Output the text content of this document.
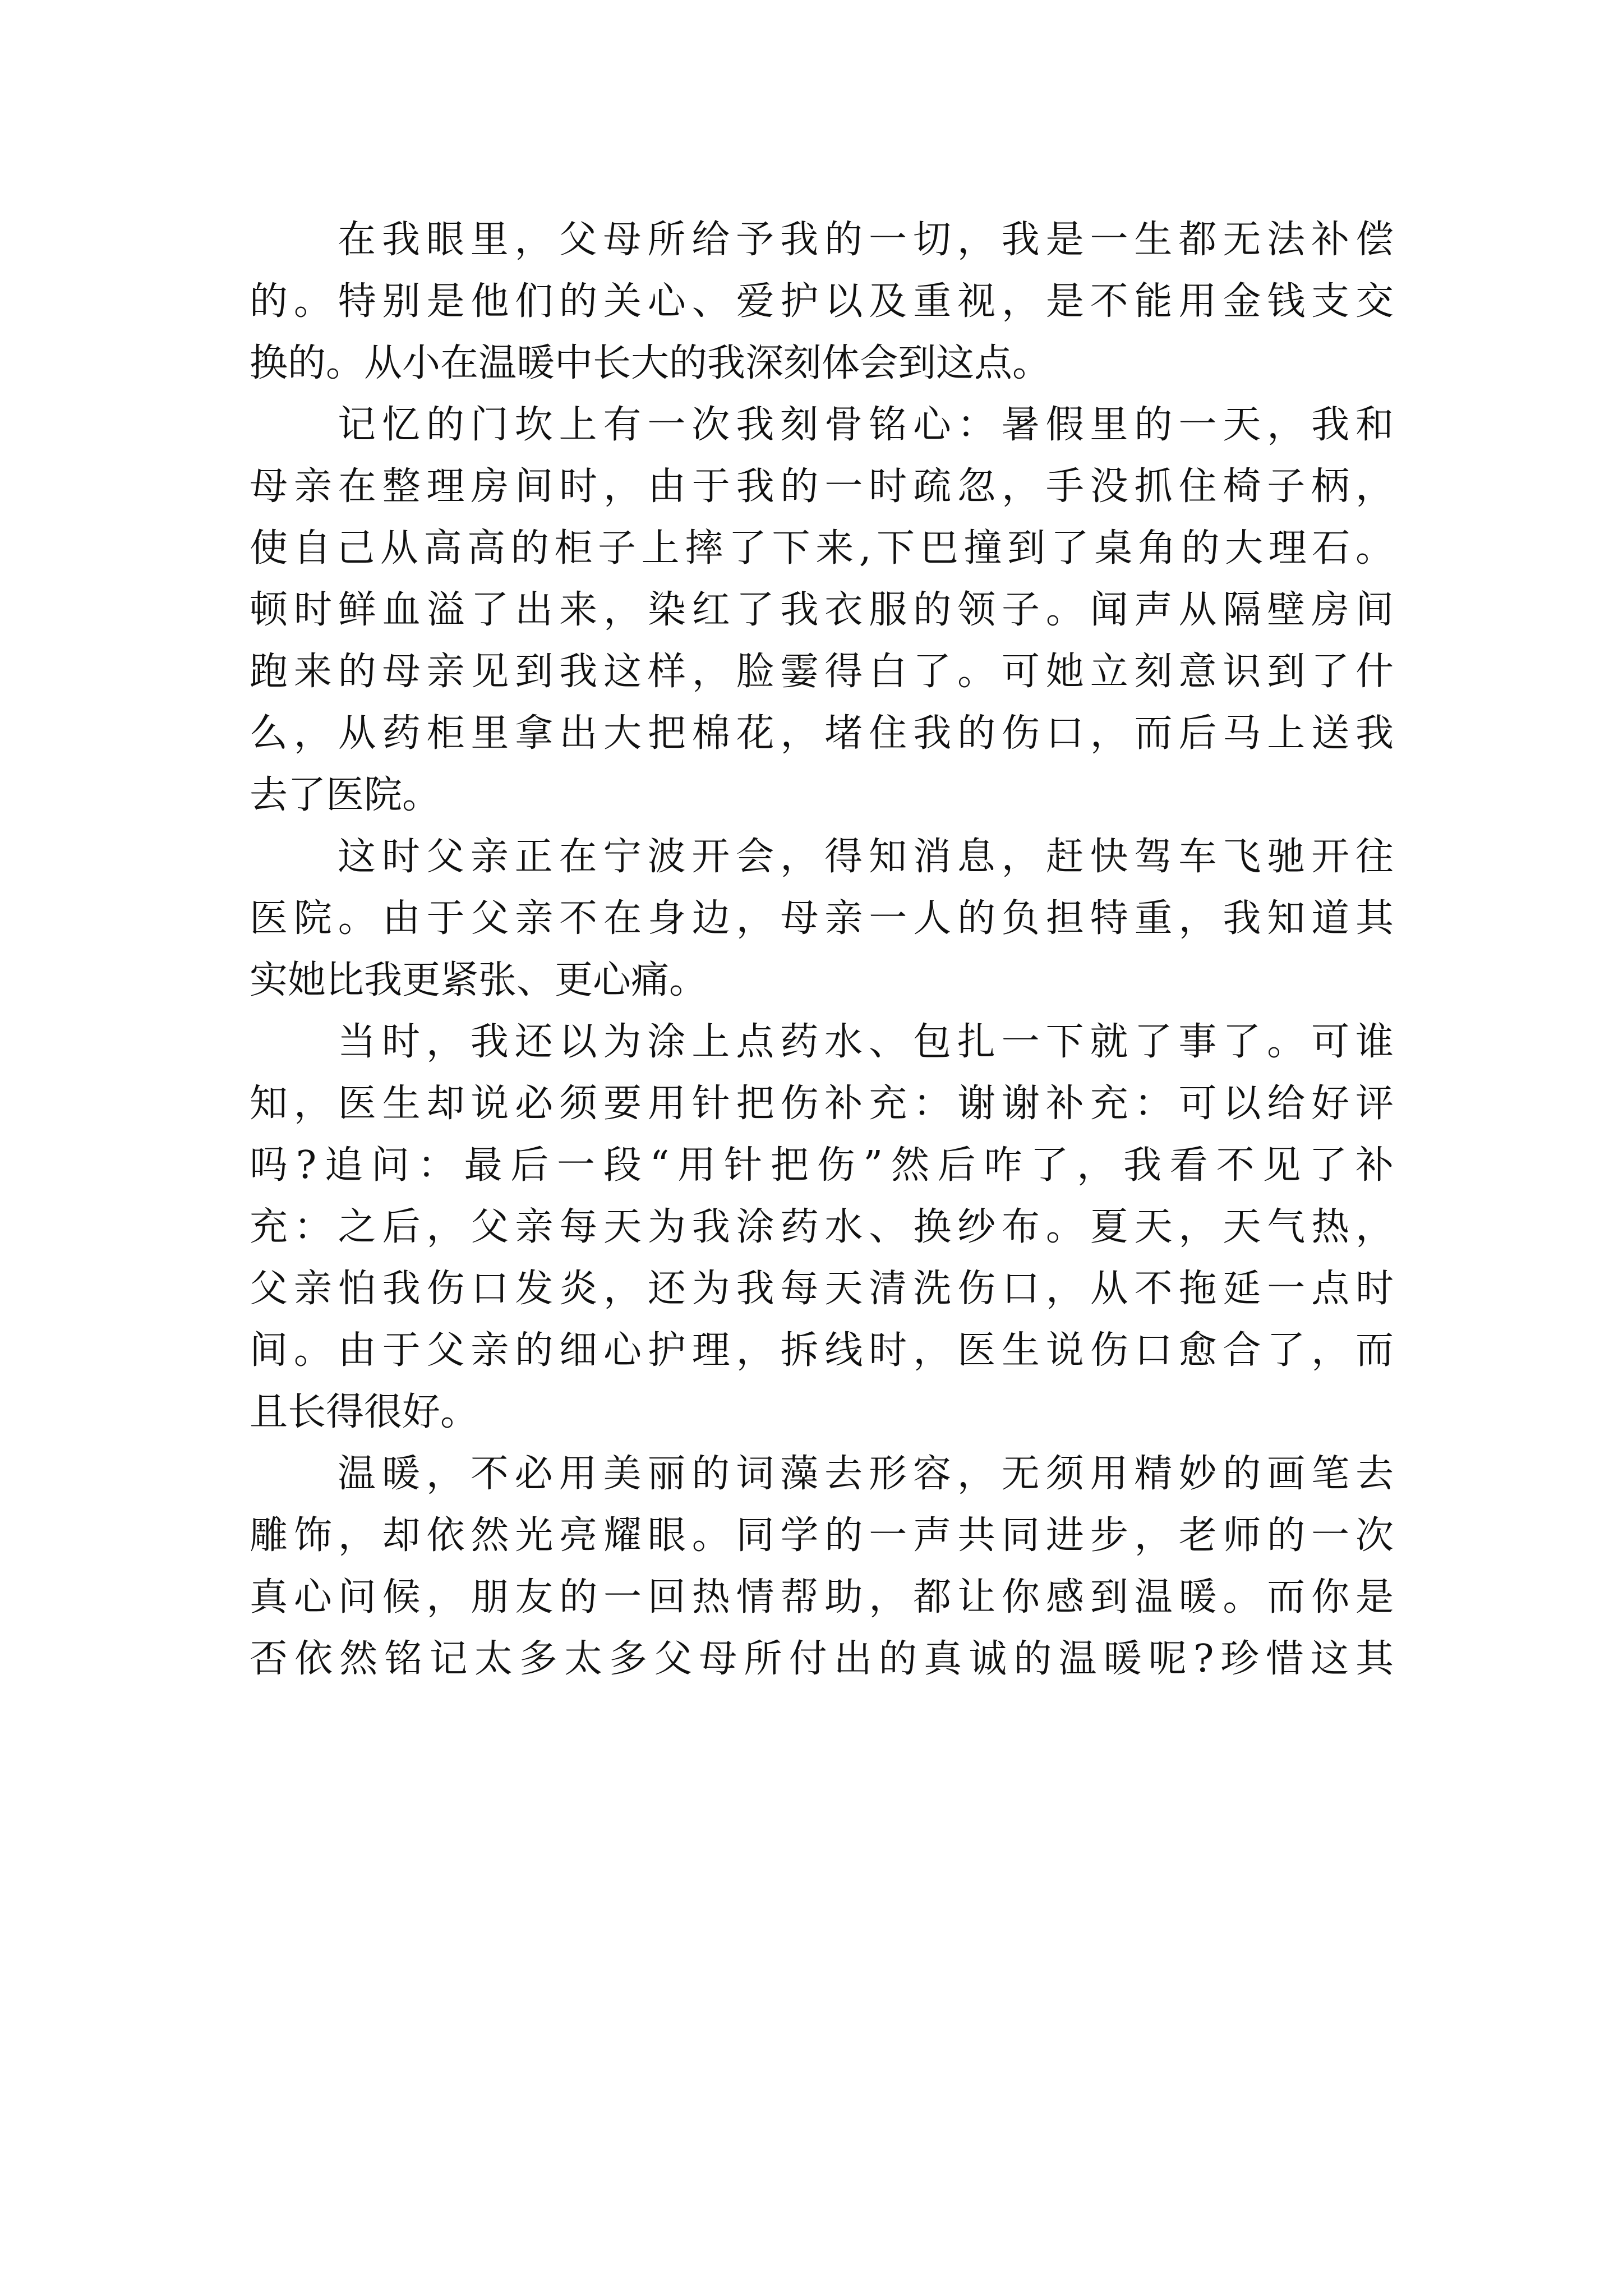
在我眼里，父母所给予我的一切，我是一生都无法补偿
的。特别是他们的关心、爱护以及重视，是不能用金钱支交
换的。从小在温暖中长大的我深刻体会到这点。
记忆的门坎上有一次我刻骨铭心：暑假里的一天，我和
母亲在整理房间时，由于我的一时疏忽，手没抓住椅子柄，
使自己从高高的柜子上摔了下来,下巴撞到了桌角的大理石。
顿时鲜血溢了出来，染红了我衣服的领子。闻声从隔壁房间
跑来的母亲见到我这样，脸霎得白了。可她立刻意识到了什
么，从药柜里拿出大把棉花，堵住我的伤口，而后马上送我
去了医院。
这时父亲正在宁波开会，得知消息，赶快驾车飞驰开往
医院。由于父亲不在身边，母亲一人的负担特重，我知道其
实她比我更紧张、更心痛。
当时，我还以为涂上点药水、包扎一下就了事了。可谁
知，医生却说必须要用针把伤补充：谢谢补充：可以给好评
吗?追问：最后一段“用针把伤”然后咋了，我看不见了补
充：之后，父亲每天为我涂药水、换纱布。夏天，天气热，
父亲怕我伤口发炎，还为我每天清洗伤口，从不拖延一点时
间。由于父亲的细心护理，拆线时，医生说伤口愈合了，而
且长得很好。
温暖，不必用美丽的词藻去形容，无须用精妙的画笔去
雕饰，却依然光亮耀眼。同学的一声共同进步，老师的一次
真心问候，朋友的一回热情帮助，都让你感到温暖。而你是
否依然铭记太多太多父母所付出的真诚的温暖呢?珍惜这其
